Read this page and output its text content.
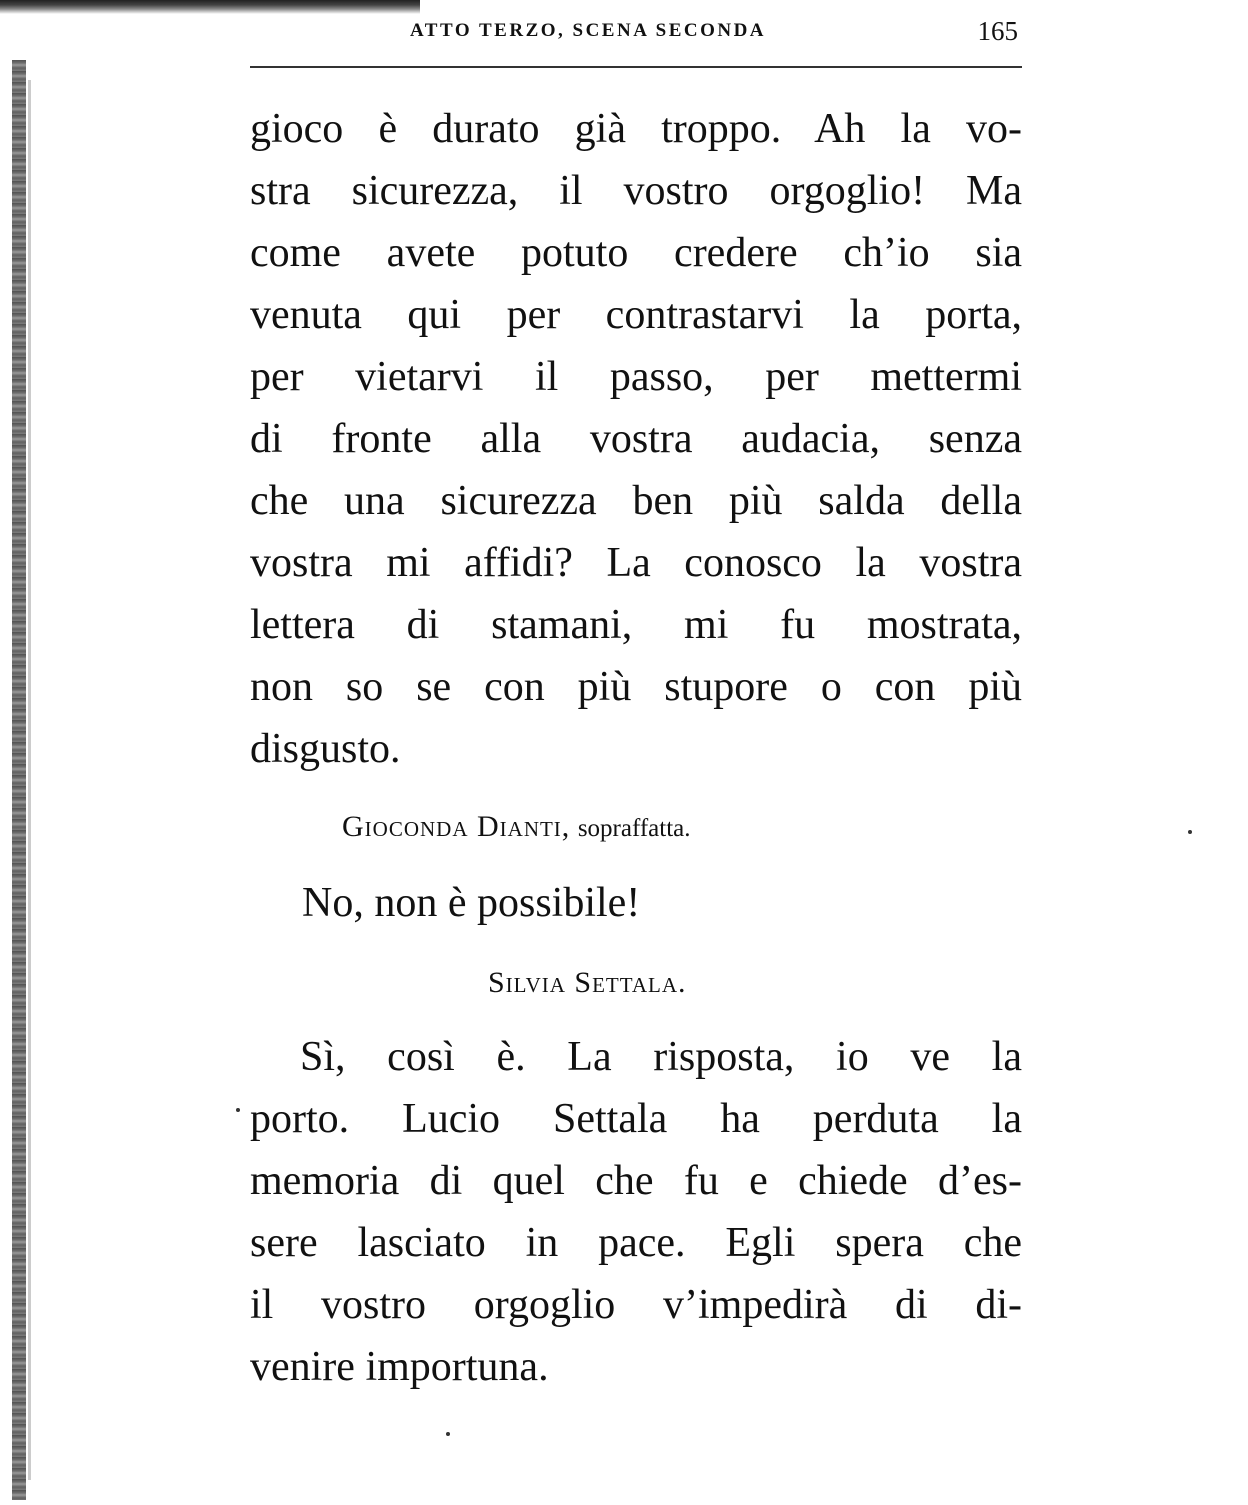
ATTO TERZO, SCENA SECONDA	165
gioco è durato già troppo. Ah la vo-
stra sicurezza, il vostro orgoglio! Ma
come avete potuto credere ch’io sia
venuta qui per contrastarvi la porta,
per vietarvi il passo, per mettermi
di fronte alla vostra audacia, senza
che una sicurezza ben più salda della
vostra mi affidi? La conosco la vostra
lettera di stamani, mi fu mostrata,
non so se con più stupore o con più
disgusto.
Gioconda Dianti, sopraffatta.
No, non è possibile!
Silvia Settala.
Sì, così è. La risposta, io ve la
porto. Lucio Settala ha perduta la
memoria di quel che fu e chiede d’es-
sere lasciato in pace. Egli spera che
il vostro orgoglio v’impedirà di di-
venire importuna.
